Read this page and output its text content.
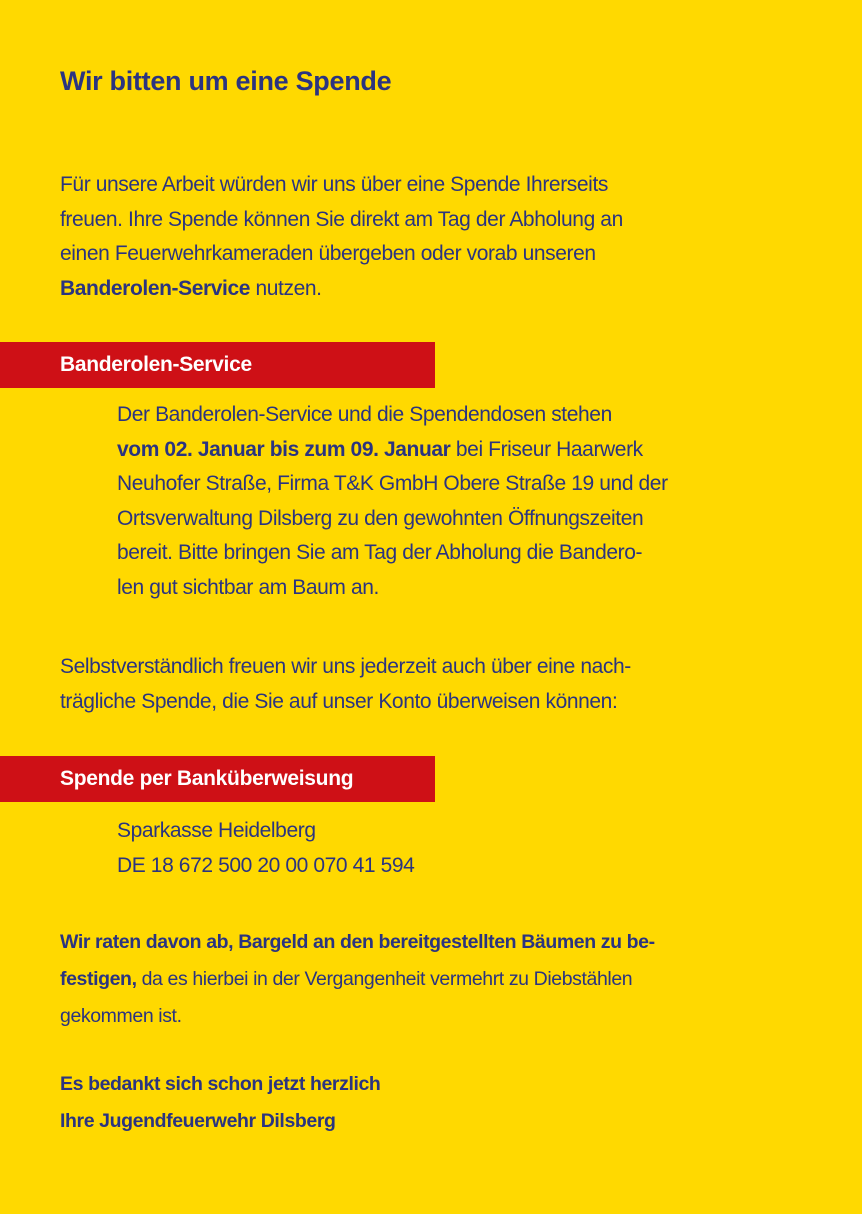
Wir bitten um eine Spende
Für unsere Arbeit würden wir uns über eine Spende Ihrerseits
freuen. Ihre Spende können Sie direkt am Tag der Abholung an
einen Feuerwehrkameraden übergeben oder vorab unseren
Banderolen-Service nutzen.
Banderolen-Service
Der Banderolen-Service und die Spendendosen stehen
vom 02. Januar bis zum 09. Januar bei Friseur Haarwerk
Neuhofer Straße, Firma T&K GmbH Obere Straße 19 und der
Ortsverwaltung Dilsberg zu den gewohnten Öffnungszeiten
bereit. Bitte bringen Sie am Tag der Abholung die Bandero-
len gut sichtbar am Baum an.
Selbstverständlich freuen wir uns jederzeit auch über eine nach-
trägliche Spende, die Sie auf unser Konto überweisen können:
Spende per Banküberweisung
Sparkasse Heidelberg
DE 18 672 500 20 00 070 41 594
Wir raten davon ab, Bargeld an den bereitgestellten Bäumen zu be-
festigen, da es hierbei in der Vergangenheit vermehrt zu Diebstählen
gekommen ist.
Es bedankt sich schon jetzt herzlich
Ihre Jugendfeuerwehr Dilsberg
